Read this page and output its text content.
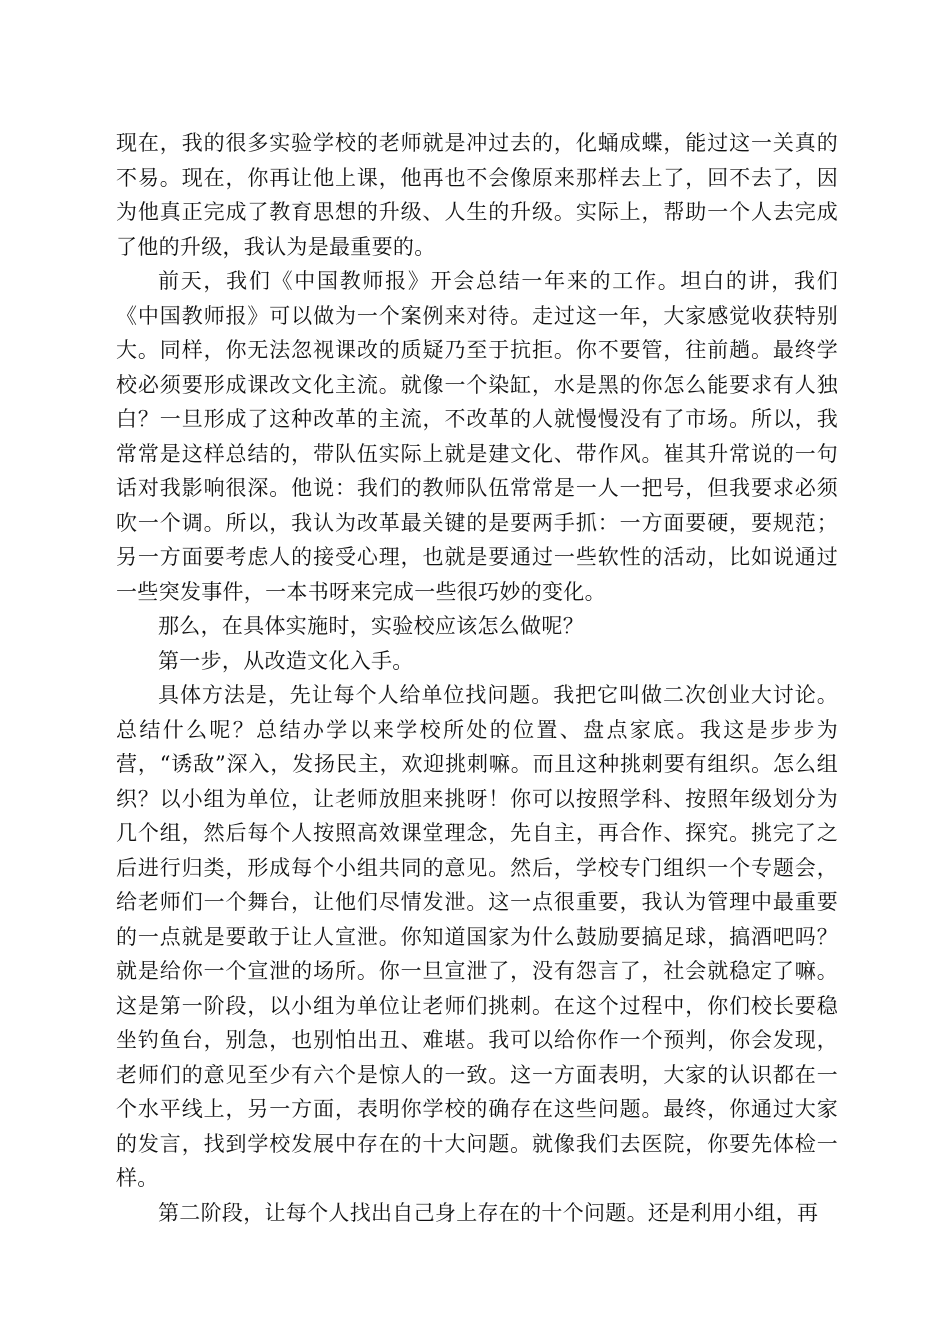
现在，我的很多实验学校的老师就是冲过去的，化蛹成蝶，能过这一关真的不易。现在，你再让他上课，他再也不会像原来那样去上了，回不去了，因为他真正完成了教育思想的升级、人生的升级。实际上，帮助一个人去完成了他的升级，我认为是最重要的。

前天，我们《中国教师报》开会总结一年来的工作。坦白的讲，我们《中国教师报》可以做为一个案例来对待。走过这一年，大家感觉收获特别大。同样，你无法忽视课改的质疑乃至于抗拒。你不要管，往前趟。最终学校必须要形成课改文化主流。就像一个染缸，水是黑的你怎么能要求有人独白？一旦形成了这种改革的主流，不改革的人就慢慢没有了市场。所以，我常常是这样总结的，带队伍实际上就是建文化、带作风。崔其升常说的一句话对我影响很深。他说：我们的教师队伍常常是一人一把号，但我要求必须吹一个调。所以，我认为改革最关键的是要两手抓：一方面要硬，要规范；另一方面要考虑人的接受心理，也就是要通过一些软性的活动，比如说通过一些突发事件，一本书呀来完成一些很巧妙的变化。

那么，在具体实施时，实验校应该怎么做呢？

第一步，从改造文化入手。

具体方法是，先让每个人给单位找问题。我把它叫做二次创业大讨论。总结什么呢？总结办学以来学校所处的位置、盘点家底。我这是步步为营，“诱敌”深入，发扬民主，欢迎挑刺嘛。而且这种挑刺要有组织。怎么组织？以小组为单位，让老师放胆来挑呀！你可以按照学科、按照年级划分为几个组，然后每个人按照高效课堂理念，先自主，再合作、探究。挑完了之后进行归类，形成每个小组共同的意见。然后，学校专门组织一个专题会，给老师们一个舞台，让他们尽情发泄。这一点很重要，我认为管理中最重要的一点就是要敢于让人宣泄。你知道国家为什么鼓励要搞足球，搞酒吧吗？就是给你一个宣泄的场所。你一旦宣泄了，没有怨言了，社会就稳定了嘛。这是第一阶段，以小组为单位让老师们挑刺。在这个过程中，你们校长要稳坐钓鱼台，别急，也别怕出丑、难堪。我可以给你作一个预判，你会发现，老师们的意见至少有六个是惊人的一致。这一方面表明，大家的认识都在一个水平线上，另一方面，表明你学校的确存在这些问题。最终，你通过大家的发言，找到学校发展中存在的十大问题。就像我们去医院，你要先体检一样。

第二阶段，让每个人找出自己身上存在的十个问题。还是利用小组，再
